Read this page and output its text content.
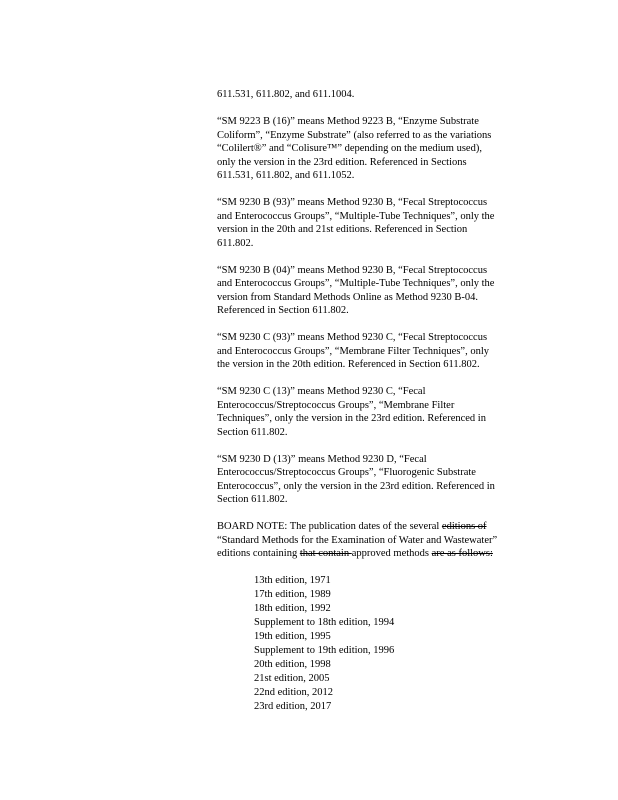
611.531, 611.802, and 611.1004.

“SM 9223 B (16)” means Method 9223 B, “Enzyme Substrate
Coliform”, “Enzyme Substrate” (also referred to as the variations
“Colilert®” and “Colisure™” depending on the medium used),
only the version in the 23rd edition. Referenced in Sections
611.531, 611.802, and 611.1052.

“SM 9230 B (93)” means Method 9230 B, “Fecal Streptococcus
and Enterococcus Groups”, “Multiple-Tube Techniques”, only the
version in the 20th and 21st editions. Referenced in Section
611.802.

“SM 9230 B (04)” means Method 9230 B, “Fecal Streptococcus
and Enterococcus Groups”, “Multiple-Tube Techniques”, only the
version from Standard Methods Online as Method 9230 B-04.
Referenced in Section 611.802.

“SM 9230 C (93)” means Method 9230 C, “Fecal Streptococcus
and Enterococcus Groups”, “Membrane Filter Techniques”, only
the version in the 20th edition. Referenced in Section 611.802.

“SM 9230 C (13)” means Method 9230 C, “Fecal
Enterococcus/Streptococcus Groups”, “Membrane Filter
Techniques”, only the version in the 23rd edition. Referenced in
Section 611.802.

“SM 9230 D (13)” means Method 9230 D, “Fecal
Enterococcus/Streptococcus Groups”, “Fluorogenic Substrate
Enterococcus”, only the version in the 23rd edition. Referenced in
Section 611.802.

BOARD NOTE: The publication dates of the several editions of
“Standard Methods for the Examination of Water and Wastewater”
editions containing that contain approved methods are as follows:

13th edition, 1971
17th edition, 1989
18th edition, 1992
Supplement to 18th edition, 1994
19th edition, 1995
Supplement to 19th edition, 1996
20th edition, 1998
21st edition, 2005
22nd edition, 2012
23rd edition, 2017
